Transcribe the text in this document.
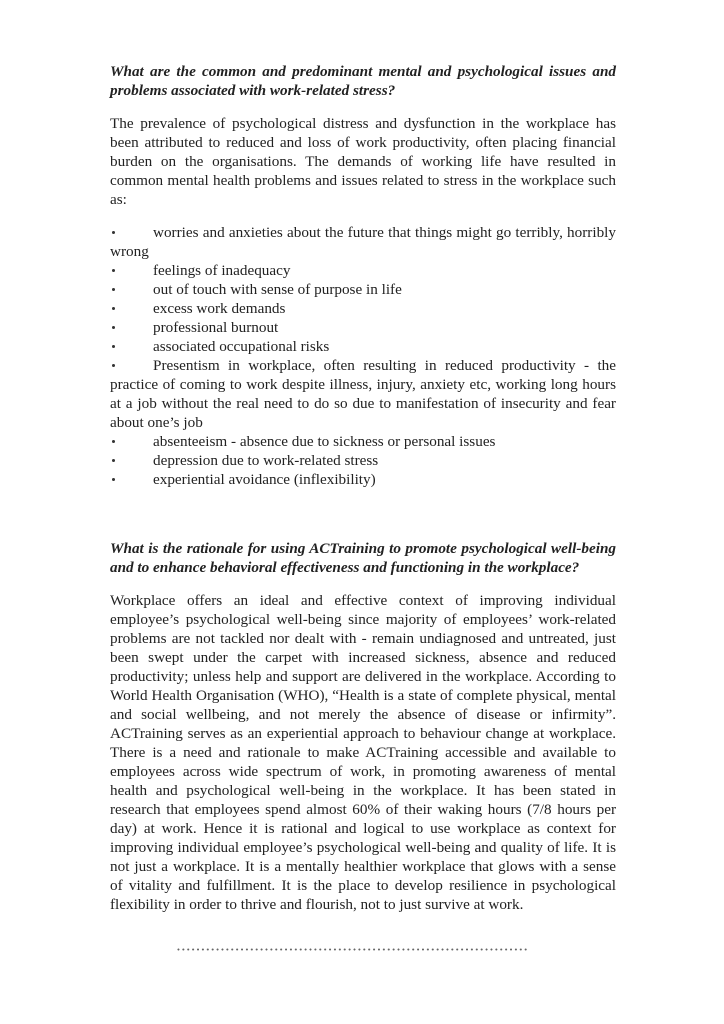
What are the common and predominant mental and psychological issues and problems associated with work-related stress?

The prevalence of psychological distress and dysfunction in the workplace has been attributed to reduced and loss of work productivity, often placing financial burden on the organisations. The demands of working life have resulted in common mental health problems and issues related to stress in the workplace such as:

worries and anxieties about the future that things might go terribly, horribly wrong
feelings of inadequacy
out of touch with sense of purpose in life
excess work demands
professional burnout
associated occupational risks
Presentism in workplace, often resulting in reduced productivity - the practice of coming to work despite illness, injury, anxiety etc, working long hours at a job without the real need to do so due to manifestation of insecurity and fear about one’s job
absenteeism - absence due to sickness or personal issues
depression due to work-related stress
experiential avoidance (inflexibility)

What is the rationale for using ACTraining to promote psychological well-being and to enhance behavioral effectiveness and functioning in the workplace?

Workplace offers an ideal and effective context of improving individual employee’s psychological well-being since majority of employees’ work-related problems are not tackled nor dealt with - remain undiagnosed and untreated, just been swept under the carpet with increased sickness, absence and reduced productivity; unless help and support are delivered in the workplace. According to World Health Organisation (WHO), “Health is a state of complete physical, mental and social wellbeing, and not merely the absence of disease or infirmity”. ACTraining serves as an experiential approach to behaviour change at workplace. There is a need and rationale to make ACTraining accessible and available to employees across wide spectrum of work, in promoting awareness of mental health and psychological well-being in the workplace. It has been stated in research that employees spend almost 60% of their waking hours (7/8 hours per day) at work. Hence it is rational and logical to use workplace as context for improving individual employee’s psychological well-being and quality of life. It is not just a workplace. It is a mentally healthier workplace that glows with a sense of vitality and fulfillment. It is the place to develop resilience in psychological flexibility in order to thrive and flourish, not to just survive at work.
